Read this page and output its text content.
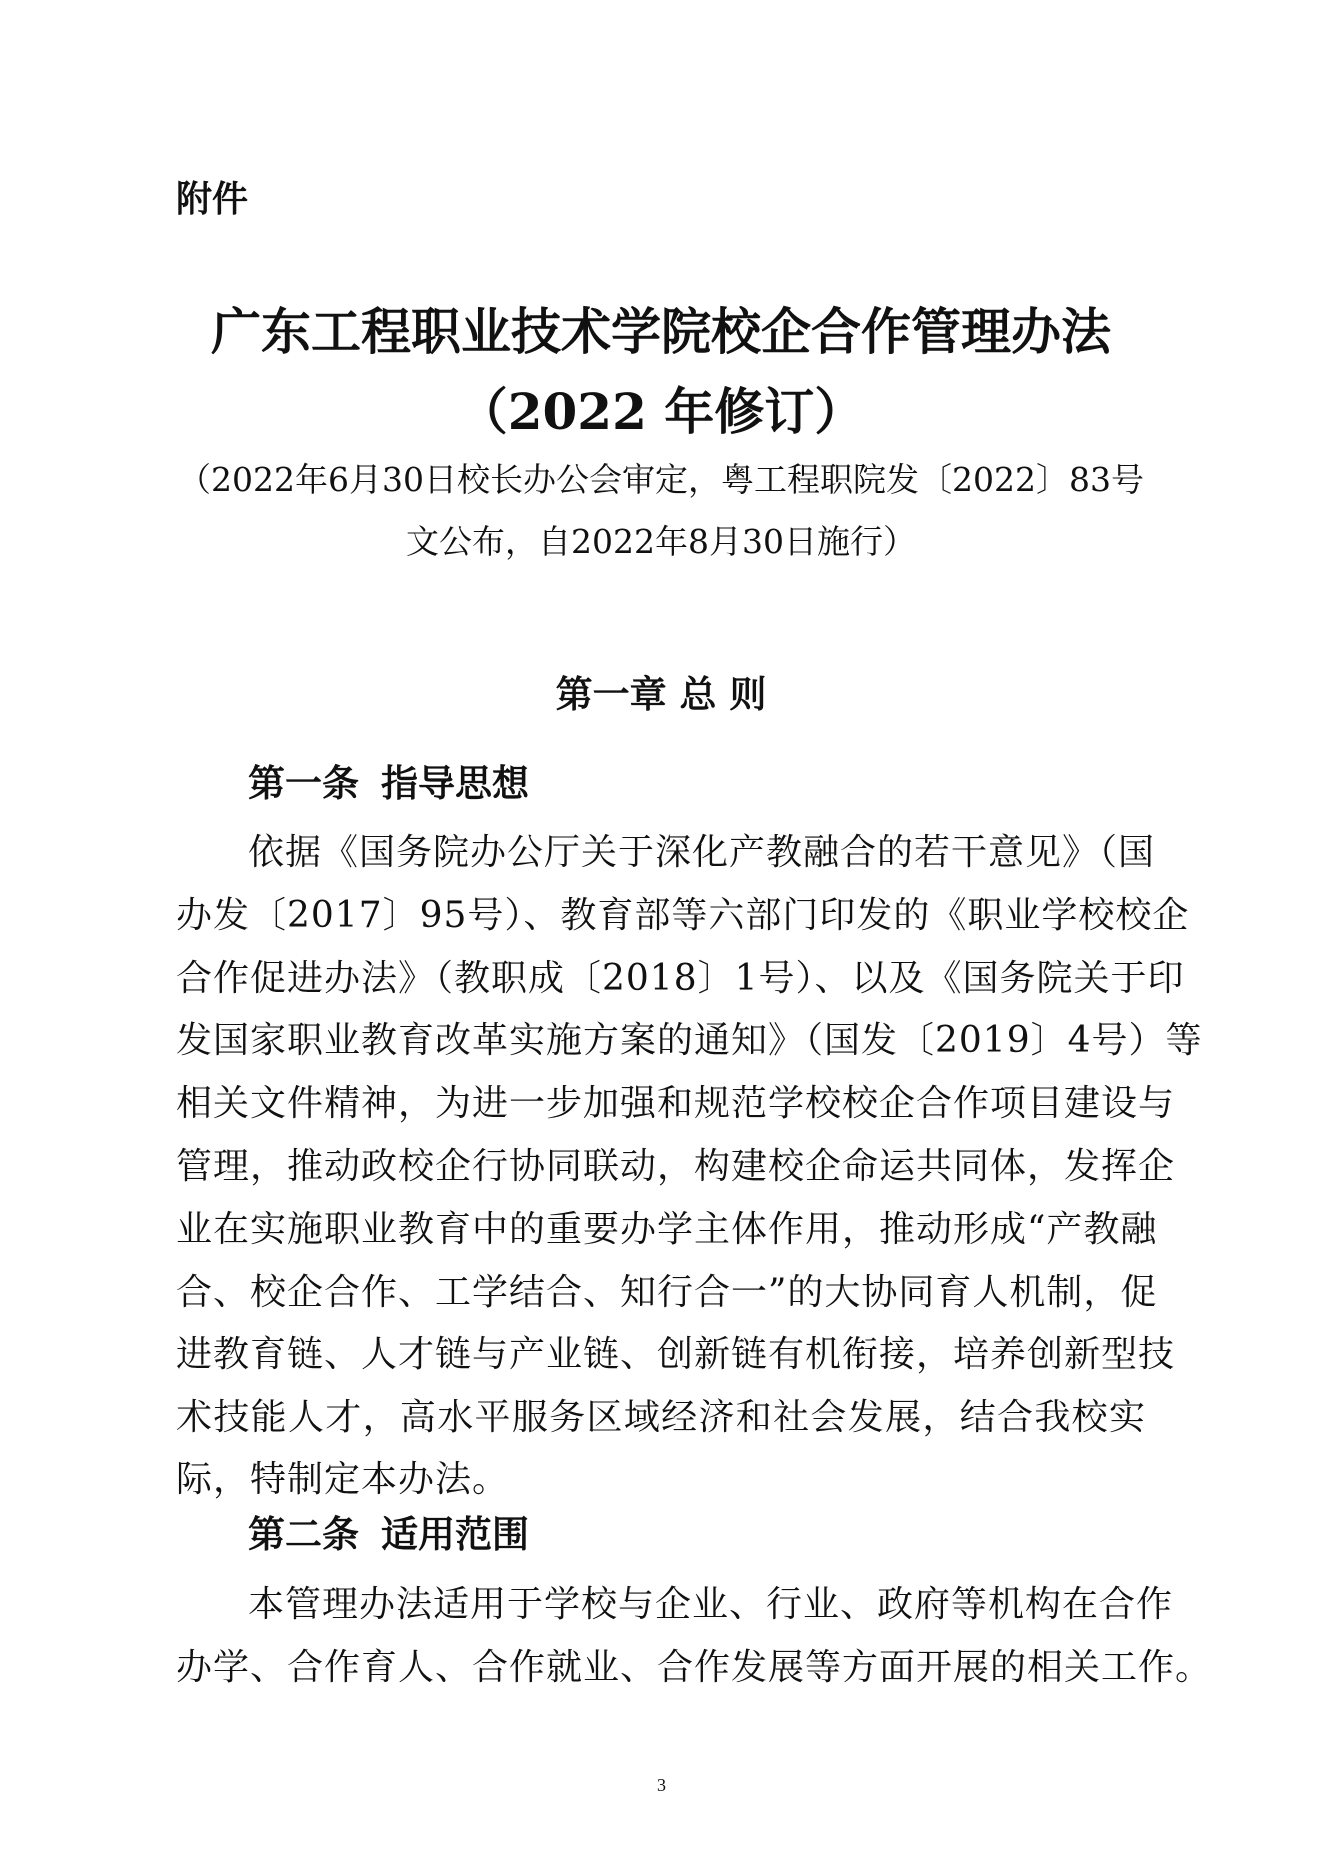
附件
广东工程职业技术学院校企合作管理办法
（2022 年修订）
（2022年6月30日校长办公会审定，粤工程职院发〔2022〕83号
文公布，自2022年8月30日施行）
第一章 总 则
第一条 指导思想
依据《国务院办公厅关于深化产教融合的若干意见》（国
办发〔2017〕95号）、教育部等六部门印发的《职业学校校企
合作促进办法》（教职成〔2018〕1号）、以及《国务院关于印
发国家职业教育改革实施方案的通知》（国发〔2019〕4号）等
相关文件精神，为进一步加强和规范学校校企合作项目建设与
管理，推动政校企行协同联动，构建校企命运共同体，发挥企
业在实施职业教育中的重要办学主体作用，推动形成“产教融
合、校企合作、工学结合、知行合一”的大协同育人机制，促
进教育链、人才链与产业链、创新链有机衔接，培养创新型技
术技能人才，高水平服务区域经济和社会发展，结合我校实
际，特制定本办法。
第二条 适用范围
本管理办法适用于学校与企业、行业、政府等机构在合作
办学、合作育人、合作就业、合作发展等方面开展的相关工作。
3
